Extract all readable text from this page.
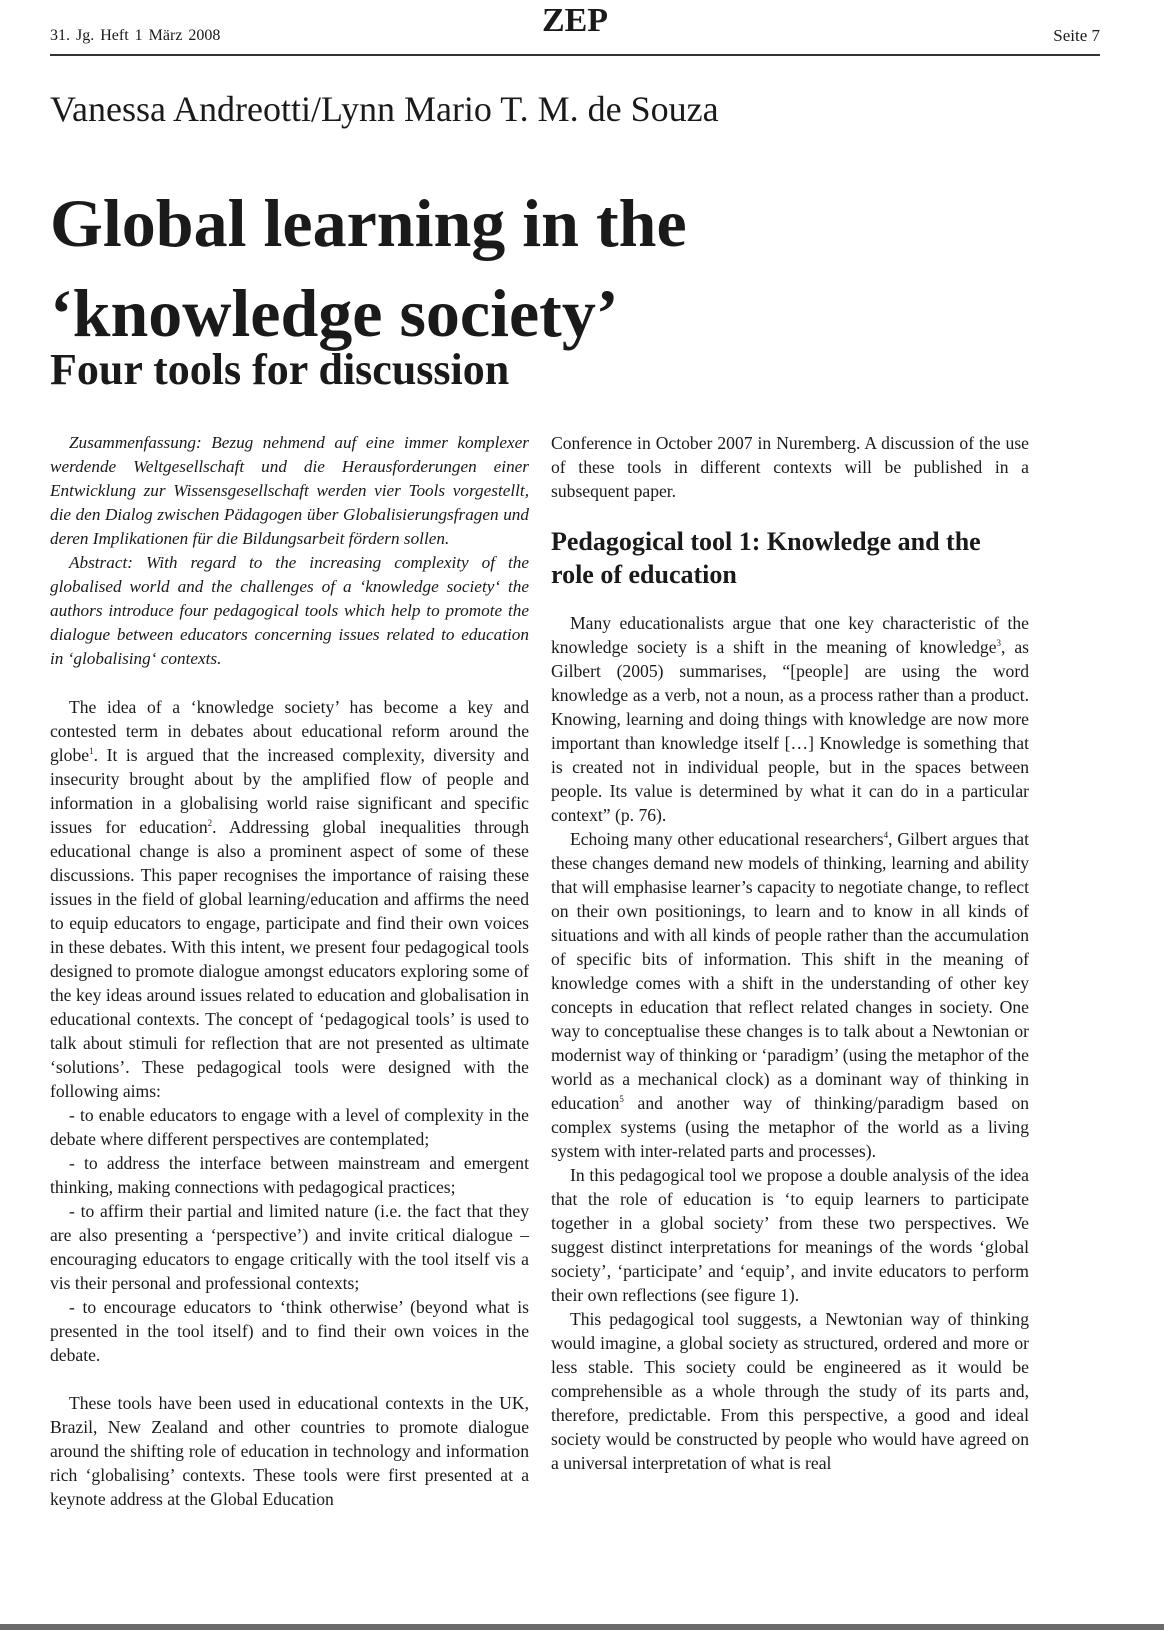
31. Jg. Heft 1 März 2008	ZEP	Seite 7
Vanessa Andreotti/Lynn Mario T. M. de Souza
Global learning in the ‘knowledge society’
Four tools for discussion

Zusammenfassung: Bezug nehmend auf eine immer komplexer werdende Weltgesellschaft und die Herausforderungen einer Entwicklung zur Wissensgesellschaft werden vier Tools vorgestellt, die den Dialog zwischen Pädagogen über Globalisierungsfragen und deren Implikationen für die Bildungsarbeit fördern sollen.

Abstract: With regard to the increasing complexity of the globalised world and the challenges of a ‘knowledge society‘ the authors introduce four pedagogical tools which help to promote the dialogue between educators concerning issues related to education in ‘globalising‘ contexts.

The idea of a ‘knowledge society’ has become a key and contested term in debates about educational reform around the globe$^1$. It is argued that the increased complexity, diversity and insecurity brought about by the amplified flow of people and information in a globalising world raise significant and specific issues for education$^2$. Addressing global inequalities through educational change is also a prominent aspect of some of these discussions. This paper recognises the importance of raising these issues in the field of global learning/education and affirms the need to equip educators to engage, participate and find their own voices in these debates. With this intent, we present four pedagogical tools designed to promote dialogue amongst educators exploring some of the key ideas around issues related to education and globalisation in educational contexts. The concept of ‘pedagogical tools’ is used to talk about stimuli for reflection that are not presented as ultimate ‘solutions’. These pedagogical tools were designed with the following aims:

- to enable educators to engage with a level of complexity in the debate where different perspectives are contemplated;

- to address the interface between mainstream and emergent thinking, making connections with pedagogical practices;

- to affirm their partial and limited nature (i.e. the fact that they are also presenting a ‘perspective’) and invite critical dialogue – encouraging educators to engage critically with the tool itself vis a vis their personal and professional contexts;

- to encourage educators to ‘think otherwise’ (beyond what is presented in the tool itself) and to find their own voices in the debate.

These tools have been used in educational contexts in the UK, Brazil, New Zealand and other countries to promote dialogue around the shifting role of education in technology and information rich ‘globalising’ contexts. These tools were first presented at a keynote address at the Global Education

Conference in October 2007 in Nuremberg. A discussion of the use of these tools in different contexts will be published in a subsequent paper.

Pedagogical tool 1: Knowledge and the role of education

Many educationalists argue that one key characteristic of the knowledge society is a shift in the meaning of knowledge$^3$, as Gilbert (2005) summarises, “[people] are using the word knowledge as a verb, not a noun, as a process rather than a product. Knowing, learning and doing things with knowledge are now more important than knowledge itself […] Knowledge is something that is created not in individual people, but in the spaces between people. Its value is determined by what it can do in a particular context” (p. 76).

Echoing many other educational researchers$^4$, Gilbert argues that these changes demand new models of thinking, learning and ability that will emphasise learner’s capacity to negotiate change, to reflect on their own positionings, to learn and to know in all kinds of situations and with all kinds of people rather than the accumulation of specific bits of information. This shift in the meaning of knowledge comes with a shift in the understanding of other key concepts in education that reflect related changes in society. One way to conceptualise these changes is to talk about a Newtonian or modernist way of thinking or ‘paradigm’ (using the metaphor of the world as a mechanical clock) as a dominant way of thinking in education$^5$ and another way of thinking/paradigm based on complex systems (using the metaphor of the world as a living system with inter-related parts and processes).

In this pedagogical tool we propose a double analysis of the idea that the role of education is ‘to equip learners to participate together in a global society’ from these two perspectives. We suggest distinct interpretations for meanings of the words ‘global society’, ‘participate’ and ‘equip’, and invite educators to perform their own reflections (see figure 1).

This pedagogical tool suggests, a Newtonian way of thinking would imagine, a global society as structured, ordered and more or less stable. This society could be engineered as it would be comprehensible as a whole through the study of its parts and, therefore, predictable. From this perspective, a good and ideal society would be constructed by people who would have agreed on a universal interpretation of what is real
